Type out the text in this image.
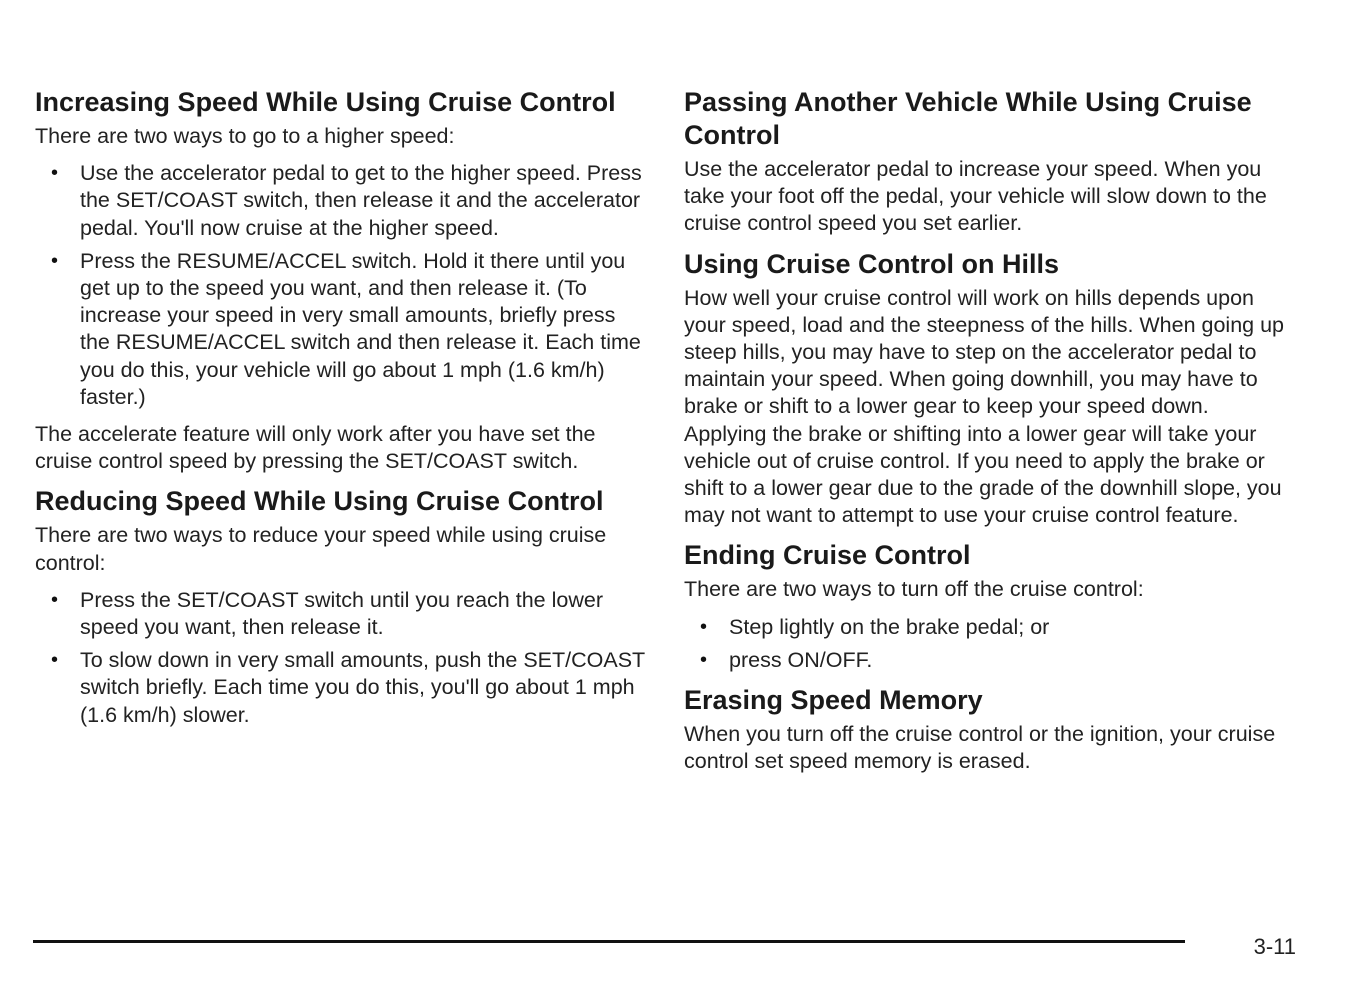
Increasing Speed While Using Cruise Control

There are two ways to go to a higher speed:

• Use the accelerator pedal to get to the higher speed. Press the SET/COAST switch, then release it and the accelerator pedal. You'll now cruise at the higher speed.
• Press the RESUME/ACCEL switch. Hold it there until you get up to the speed you want, and then release it. (To increase your speed in very small amounts, briefly press the RESUME/ACCEL switch and then release it. Each time you do this, your vehicle will go about 1 mph (1.6 km/h) faster.)

The accelerate feature will only work after you have set the cruise control speed by pressing the SET/COAST switch.

Reducing Speed While Using Cruise Control

There are two ways to reduce your speed while using cruise control:

• Press the SET/COAST switch until you reach the lower speed you want, then release it.
• To slow down in very small amounts, push the SET/COAST switch briefly. Each time you do this, you'll go about 1 mph (1.6 km/h) slower.
Passing Another Vehicle While Using Cruise Control

Use the accelerator pedal to increase your speed. When you take your foot off the pedal, your vehicle will slow down to the cruise control speed you set earlier.

Using Cruise Control on Hills

How well your cruise control will work on hills depends upon your speed, load and the steepness of the hills. When going up steep hills, you may have to step on the accelerator pedal to maintain your speed. When going downhill, you may have to brake or shift to a lower gear to keep your speed down. Applying the brake or shifting into a lower gear will take your vehicle out of cruise control. If you need to apply the brake or shift to a lower gear due to the grade of the downhill slope, you may not want to attempt to use your cruise control feature.

Ending Cruise Control

There are two ways to turn off the cruise control:

• Step lightly on the brake pedal; or
• press ON/OFF.
Erasing Speed Memory

When you turn off the cruise control or the ignition, your cruise control set speed memory is erased.

3-11
